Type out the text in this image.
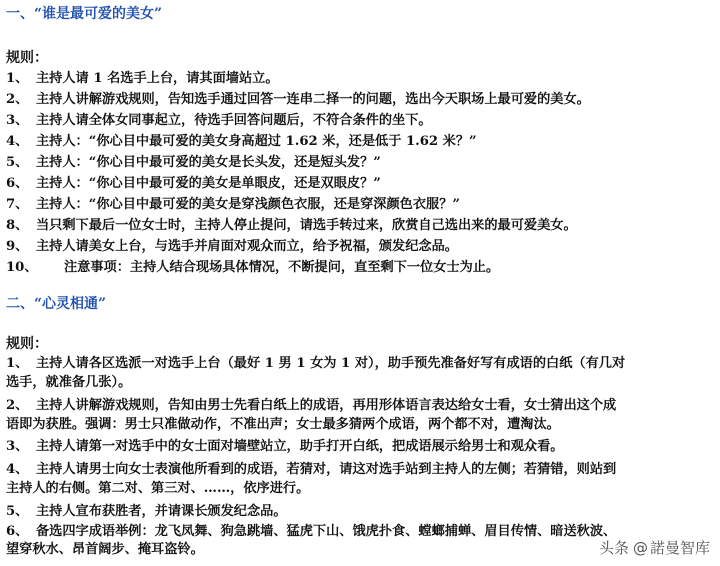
一、“谁是最可爱的美女”
规则：
1、 主持人请 1 名选手上台，请其面墙站立。
2、 主持人讲解游戏规则，告知选手通过回答一连串二择一的问题，选出今天职场上最可爱的美女。
3、 主持人请全体女同事起立，待选手回答问题后，不符合条件的坐下。
4、 主持人：“你心目中最可爱的美女身高超过 1.62 米，还是低于 1.62 米？”
5、 主持人：“你心目中最可爱的美女是长头发，还是短头发？”
6、 主持人：“你心目中最可爱的美女是单眼皮，还是双眼皮？”
7、 主持人：“你心目中最可爱的美女是穿浅颜色衣服，还是穿深颜色衣服？”
8、 当只剩下最后一位女士时，主持人停止提问，请选手转过来，欣赏自己选出来的最可爱美女。
9、 主持人请美女上台，与选手并肩面对观众而立，给予祝福，颁发纪念品。
10、 注意事项：主持人结合现场具体情况，不断提问，直至剩下一位女士为止。
二、“心灵相通”
规则：
1、 主持人请各区选派一对选手上台（最好 1 男 1 女为 1 对），助手预先准备好写有成语的白纸（有几对
选手，就准备几张）。
2、 主持人讲解游戏规则，告知由男士先看白纸上的成语，再用形体语言表达给女士看，女士猜出这个成
语即为获胜。强调：男士只准做动作，不准出声；女士最多猜两个成语，两个都不对，遭淘汰。
3、 主持人请第一对选手中的女士面对墙壁站立，助手打开白纸，把成语展示给男士和观众看。
4、 主持人请男士向女士表演他所看到的成语，若猜对，请这对选手站到主持人的左侧；若猜错，则站到
主持人的右侧。第二对、第三对、……，依序进行。
5、 主持人宣布获胜者，并请课长颁发纪念品。
6、 备选四字成语举例：龙飞凤舞、狗急跳墙、猛虎下山、饿虎扑食、螳螂捕蝉、眉目传情、暗送秋波、
望穿秋水、昂首阔步、掩耳盗铃。	头条 @ 諾曼智库
